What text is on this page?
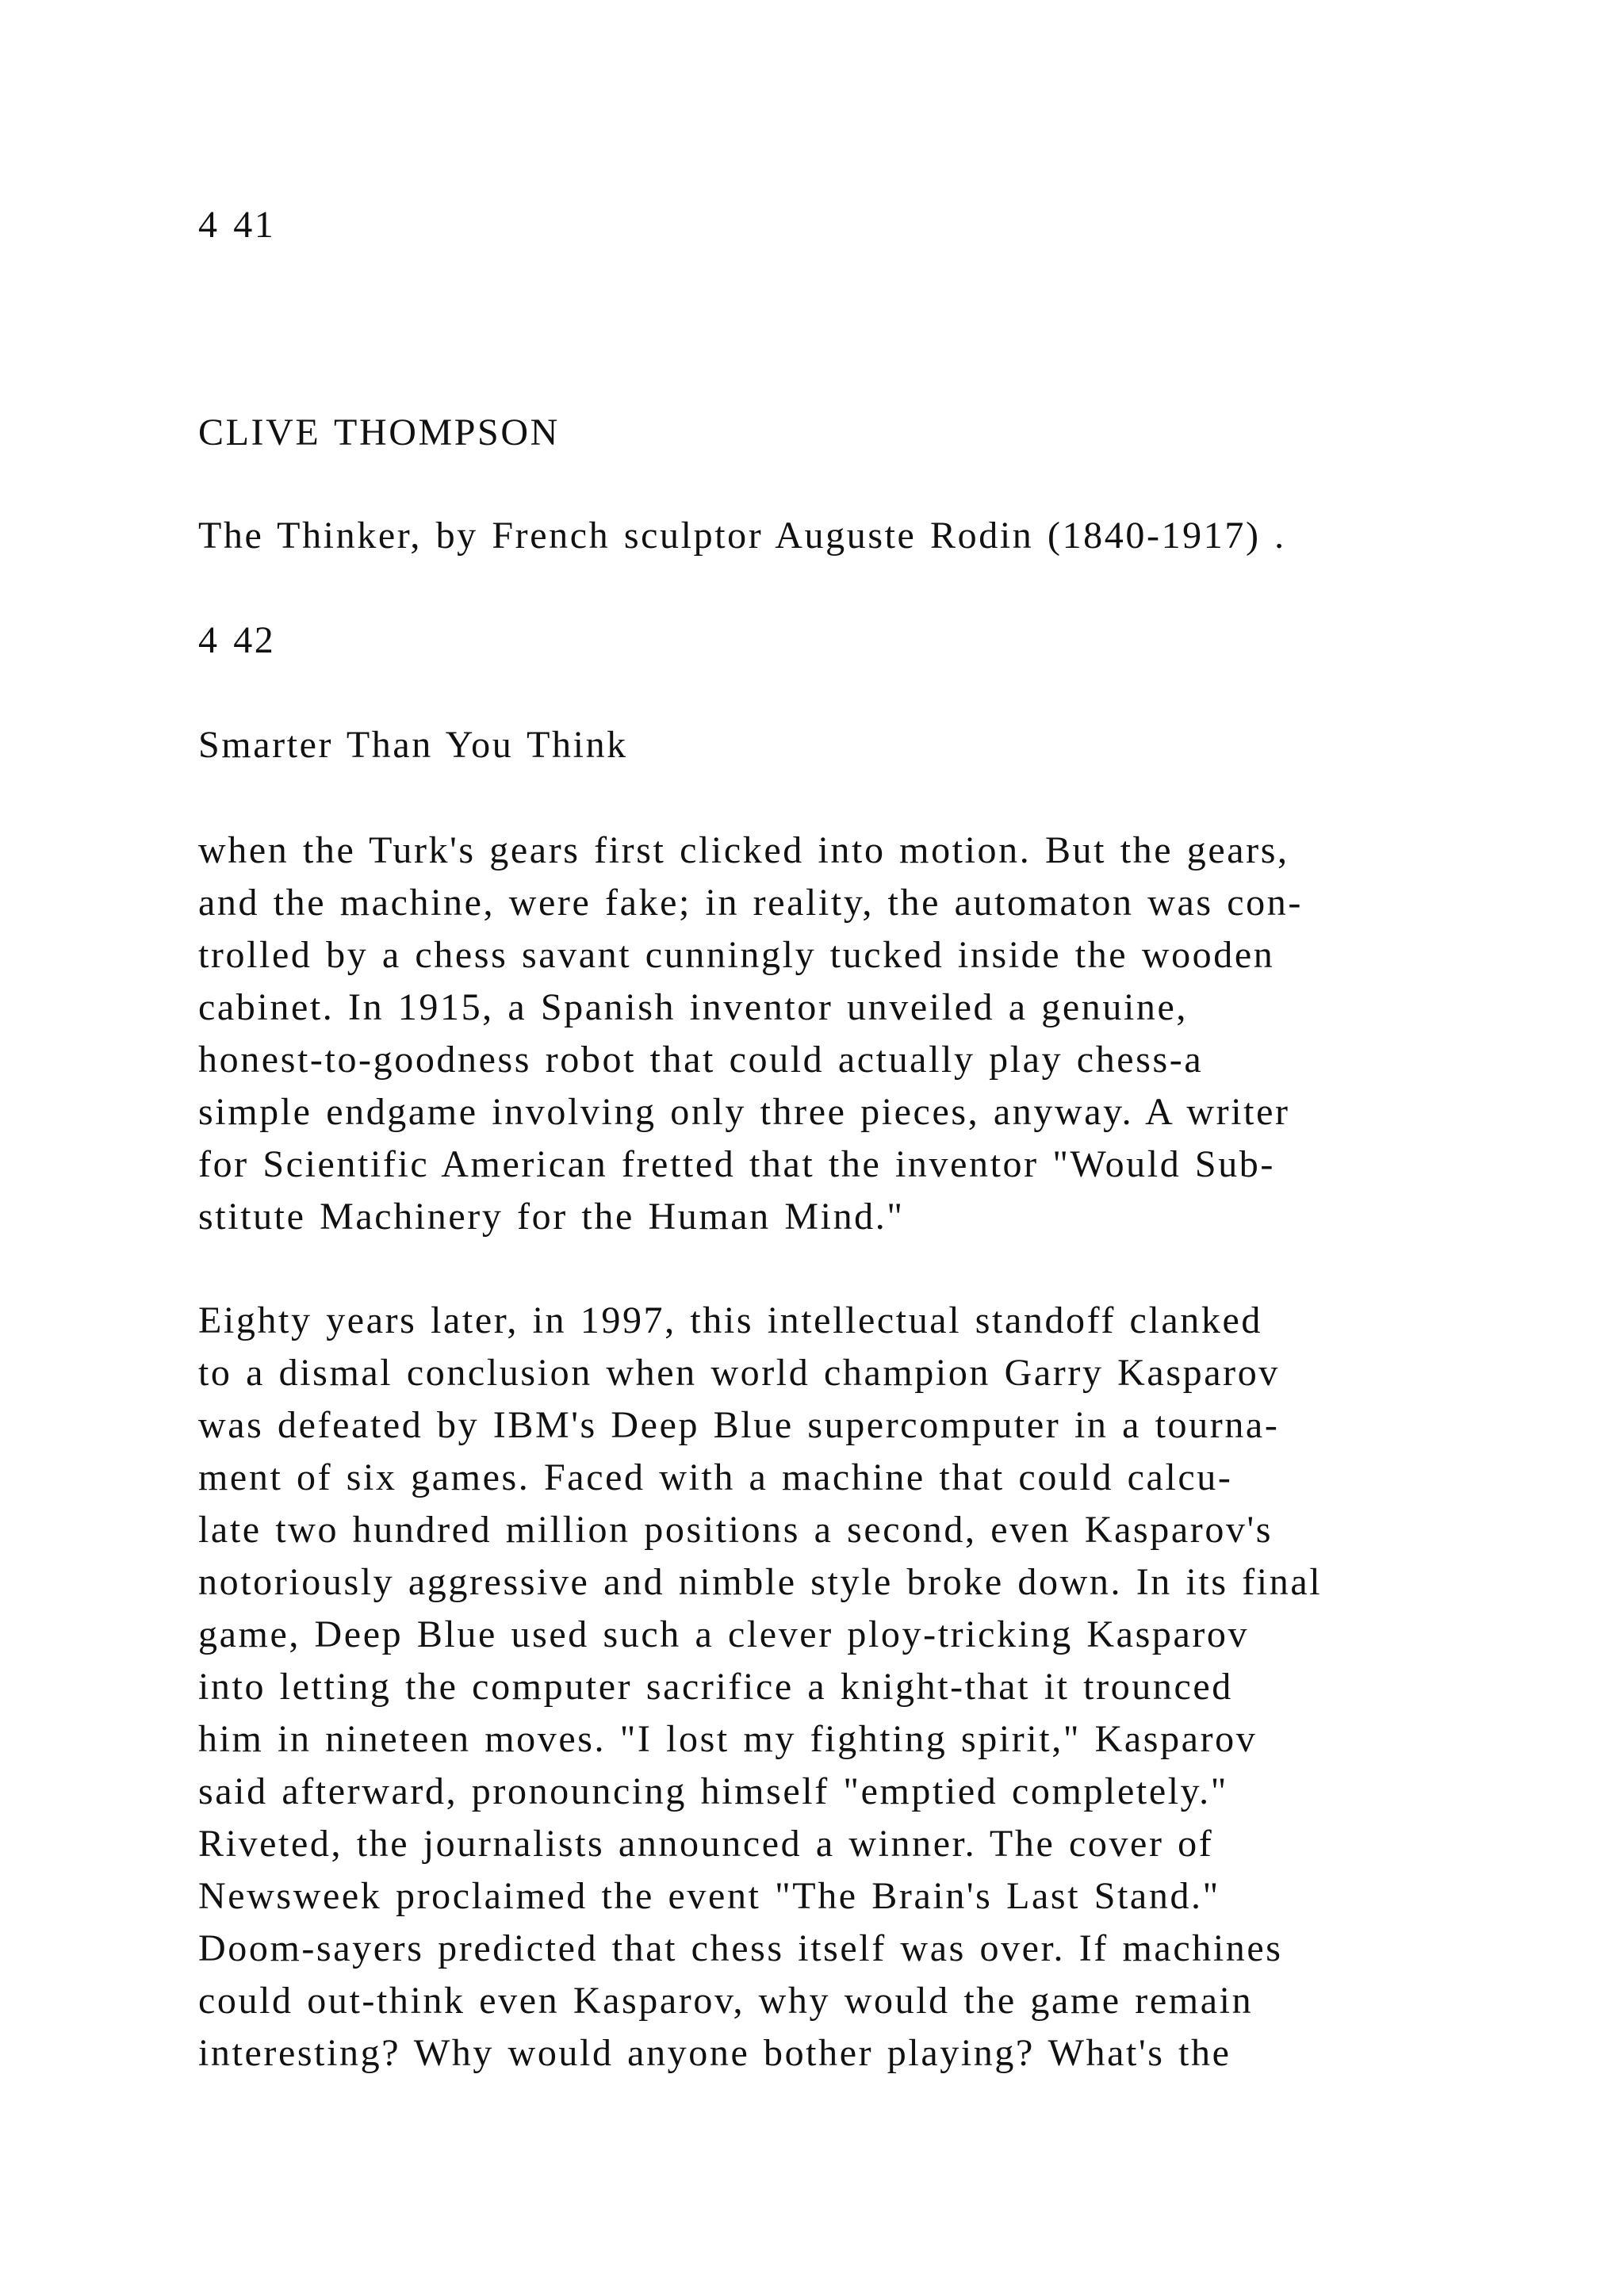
4 41
CLIVE THOMPSON
The Thinker, by French sculptor Auguste Rodin (1840-1917) .
4 42
Smarter Than You Think
when the Turk's gears first clicked into motion. But the gears,
and the machine, were fake; in reality, the automaton was con-
trolled by a chess savant cunningly tucked inside the wooden
cabinet. In 1915, a Spanish inventor unveiled a genuine,
honest-to-goodness robot that could actually play chess-a
simple endgame involving only three pieces, anyway. A writer
for Scientific American fretted that the inventor "Would Sub-
stitute Machinery for the Human Mind."
Eighty years later, in 1997, this intellectual standoff clanked
to a dismal conclusion when world champion Garry Kasparov
was defeated by IBM's Deep Blue supercomputer in a tourna-
ment of six games. Faced with a machine that could calcu-
late two hundred million positions a second, even Kasparov's
notoriously aggressive and nimble style broke down. In its final
game, Deep Blue used such a clever ploy-tricking Kasparov
into letting the computer sacrifice a knight-that it trounced
him in nineteen moves. "I lost my fighting spirit," Kasparov
said afterward, pronouncing himself "emptied completely."
Riveted, the journalists announced a winner. The cover of
Newsweek proclaimed the event "The Brain's Last Stand."
Doom-sayers predicted that chess itself was over. If machines
could out-think even Kasparov, why would the game remain
interesting? Why would anyone bother playing? What's the
